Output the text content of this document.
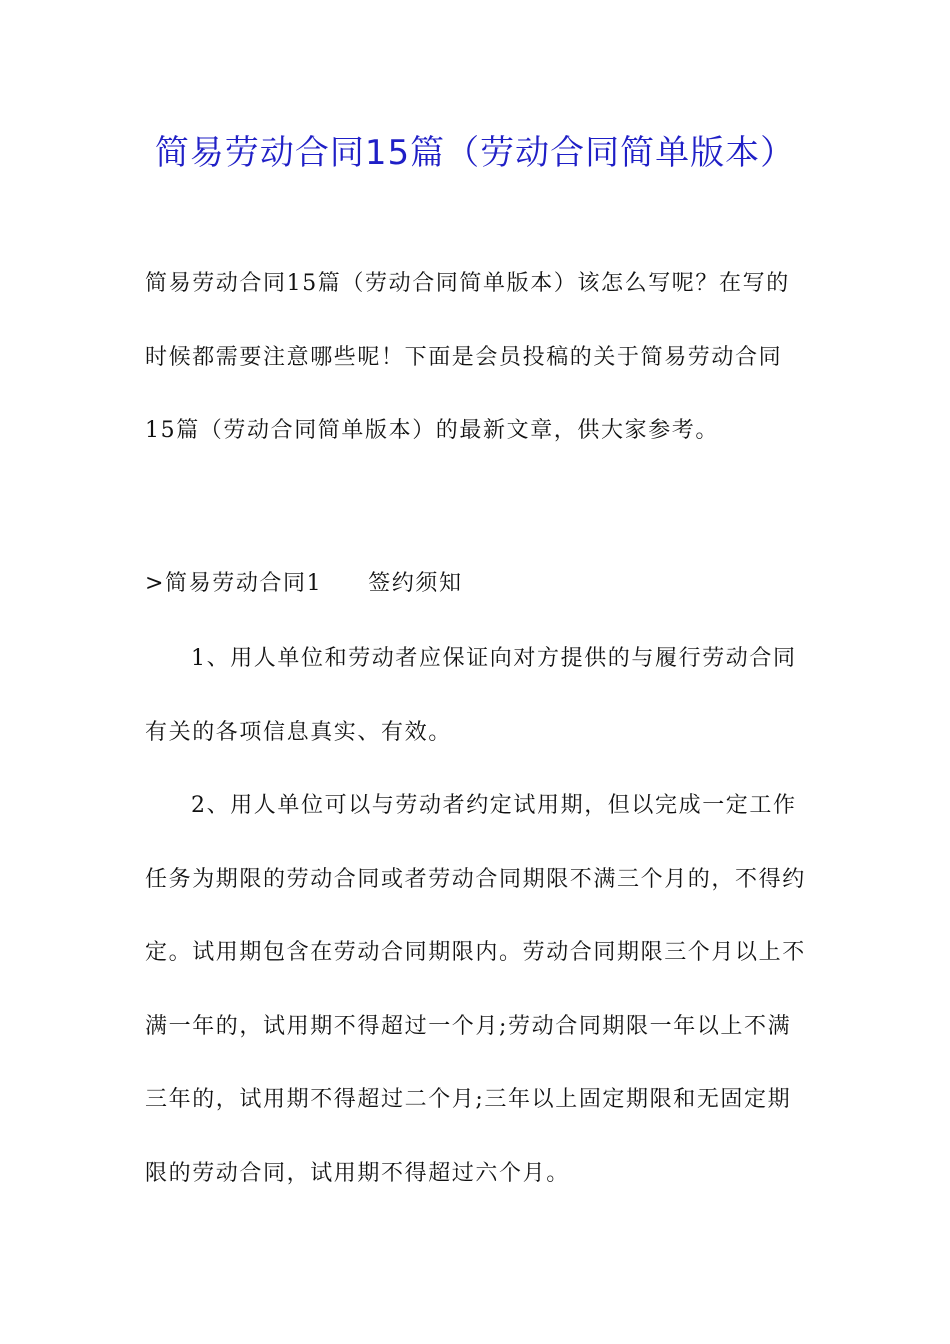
简易劳动合同15篇（劳动合同简单版本）

简易劳动合同15篇（劳动合同简单版本）该怎么写呢？在写的时候都需要注意哪些呢！下面是会员投稿的关于简易劳动合同15篇（劳动合同简单版本）的最新文章，供大家参考。

>简易劳动合同1 签约须知

1、用人单位和劳动者应保证向对方提供的与履行劳动合同有关的各项信息真实、有效。

2、用人单位可以与劳动者约定试用期，但以完成一定工作任务为期限的劳动合同或者劳动合同期限不满三个月的，不得约定。试用期包含在劳动合同期限内。劳动合同期限三个月以上不满一年的，试用期不得超过一个月;劳动合同期限一年以上不满三年的，试用期不得超过二个月;三年以上固定期限和无固定期限的劳动合同，试用期不得超过六个月。
